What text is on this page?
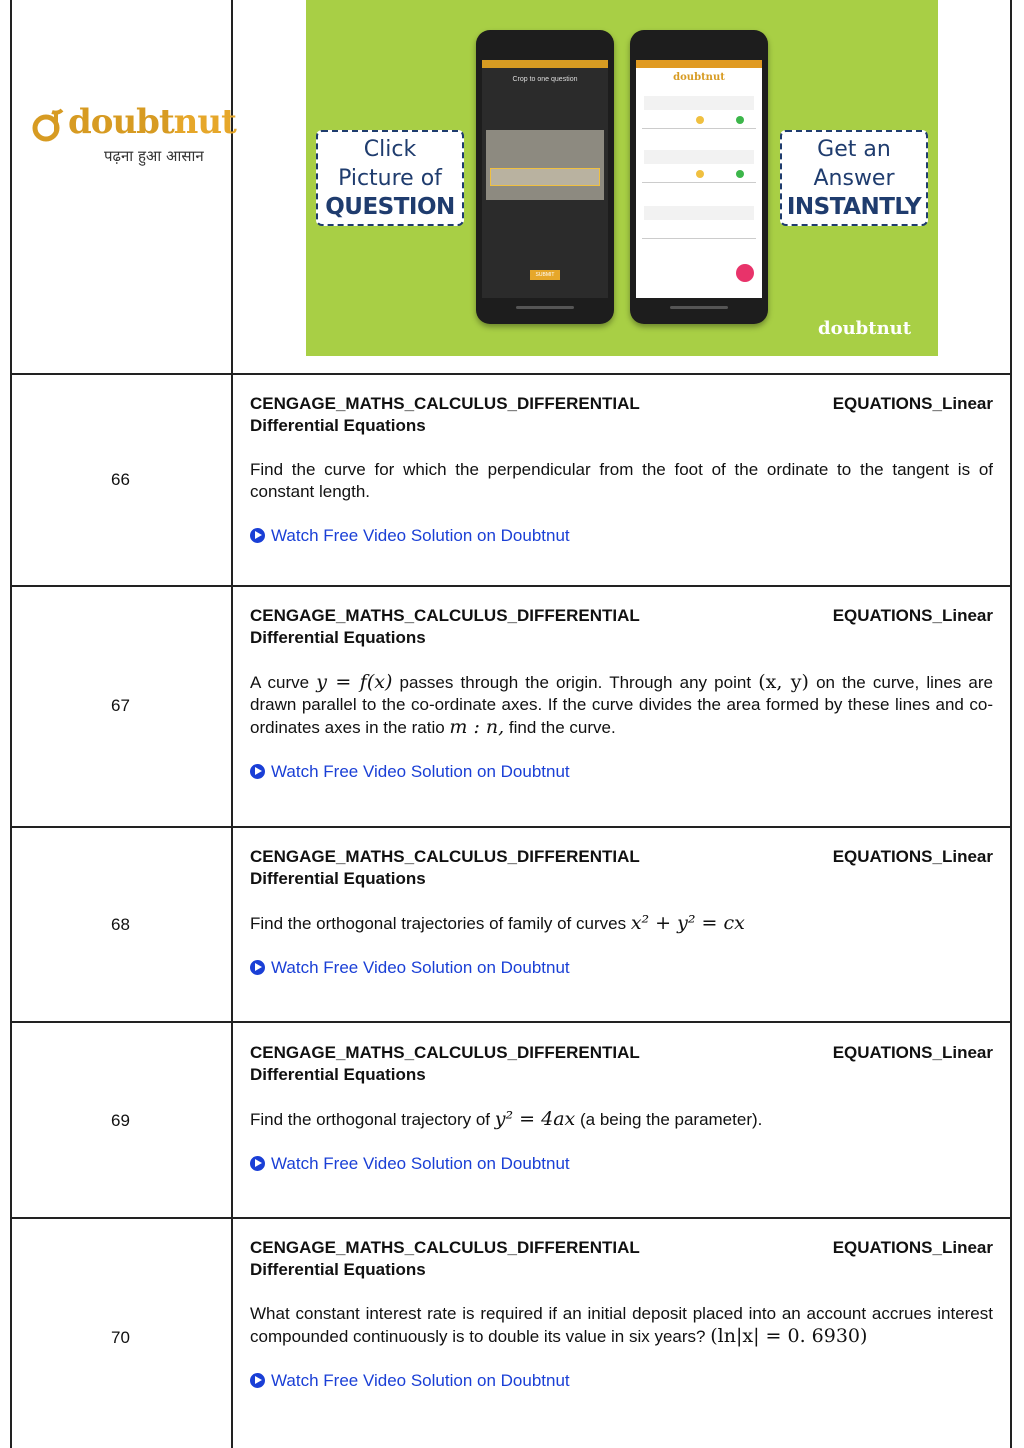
doubtnut
पढ़ना हुआ आसान	Click
Picture of
QUESTION
Crop to one question
SUBMIT
doubtnut
Get an
Answer
INSTANTLY
doubtnut
66
CENGAGE_MATHS_CALCULUS_DIFFERENTIAL	EQUATIONS_Linear
Differential Equations
Find the curve for which the perpendicular from the foot of the ordinate to the tangent is of constant length.
Watch Free Video Solution on Doubtnut
67
CENGAGE_MATHS_CALCULUS_DIFFERENTIAL	EQUATIONS_Linear
Differential Equations
A curve y = f(x) passes through the origin. Through any point (x, y) on the curve, lines are drawn parallel to the co-ordinate axes. If the curve divides the area formed by these lines and co-ordinates axes in the ratio m : n, find the curve.
Watch Free Video Solution on Doubtnut
68
CENGAGE_MATHS_CALCULUS_DIFFERENTIAL	EQUATIONS_Linear
Differential Equations
Find the orthogonal trajectories of family of curves x² + y² = cx
Watch Free Video Solution on Doubtnut
69
CENGAGE_MATHS_CALCULUS_DIFFERENTIAL	EQUATIONS_Linear
Differential Equations
Find the orthogonal trajectory of y² = 4ax (a being the parameter).
Watch Free Video Solution on Doubtnut
70
CENGAGE_MATHS_CALCULUS_DIFFERENTIAL	EQUATIONS_Linear
Differential Equations
What constant interest rate is required if an initial deposit placed into an account accrues interest compounded continuously is to double its value in six years? (ln|x| = 0. 6930)
Watch Free Video Solution on Doubtnut
